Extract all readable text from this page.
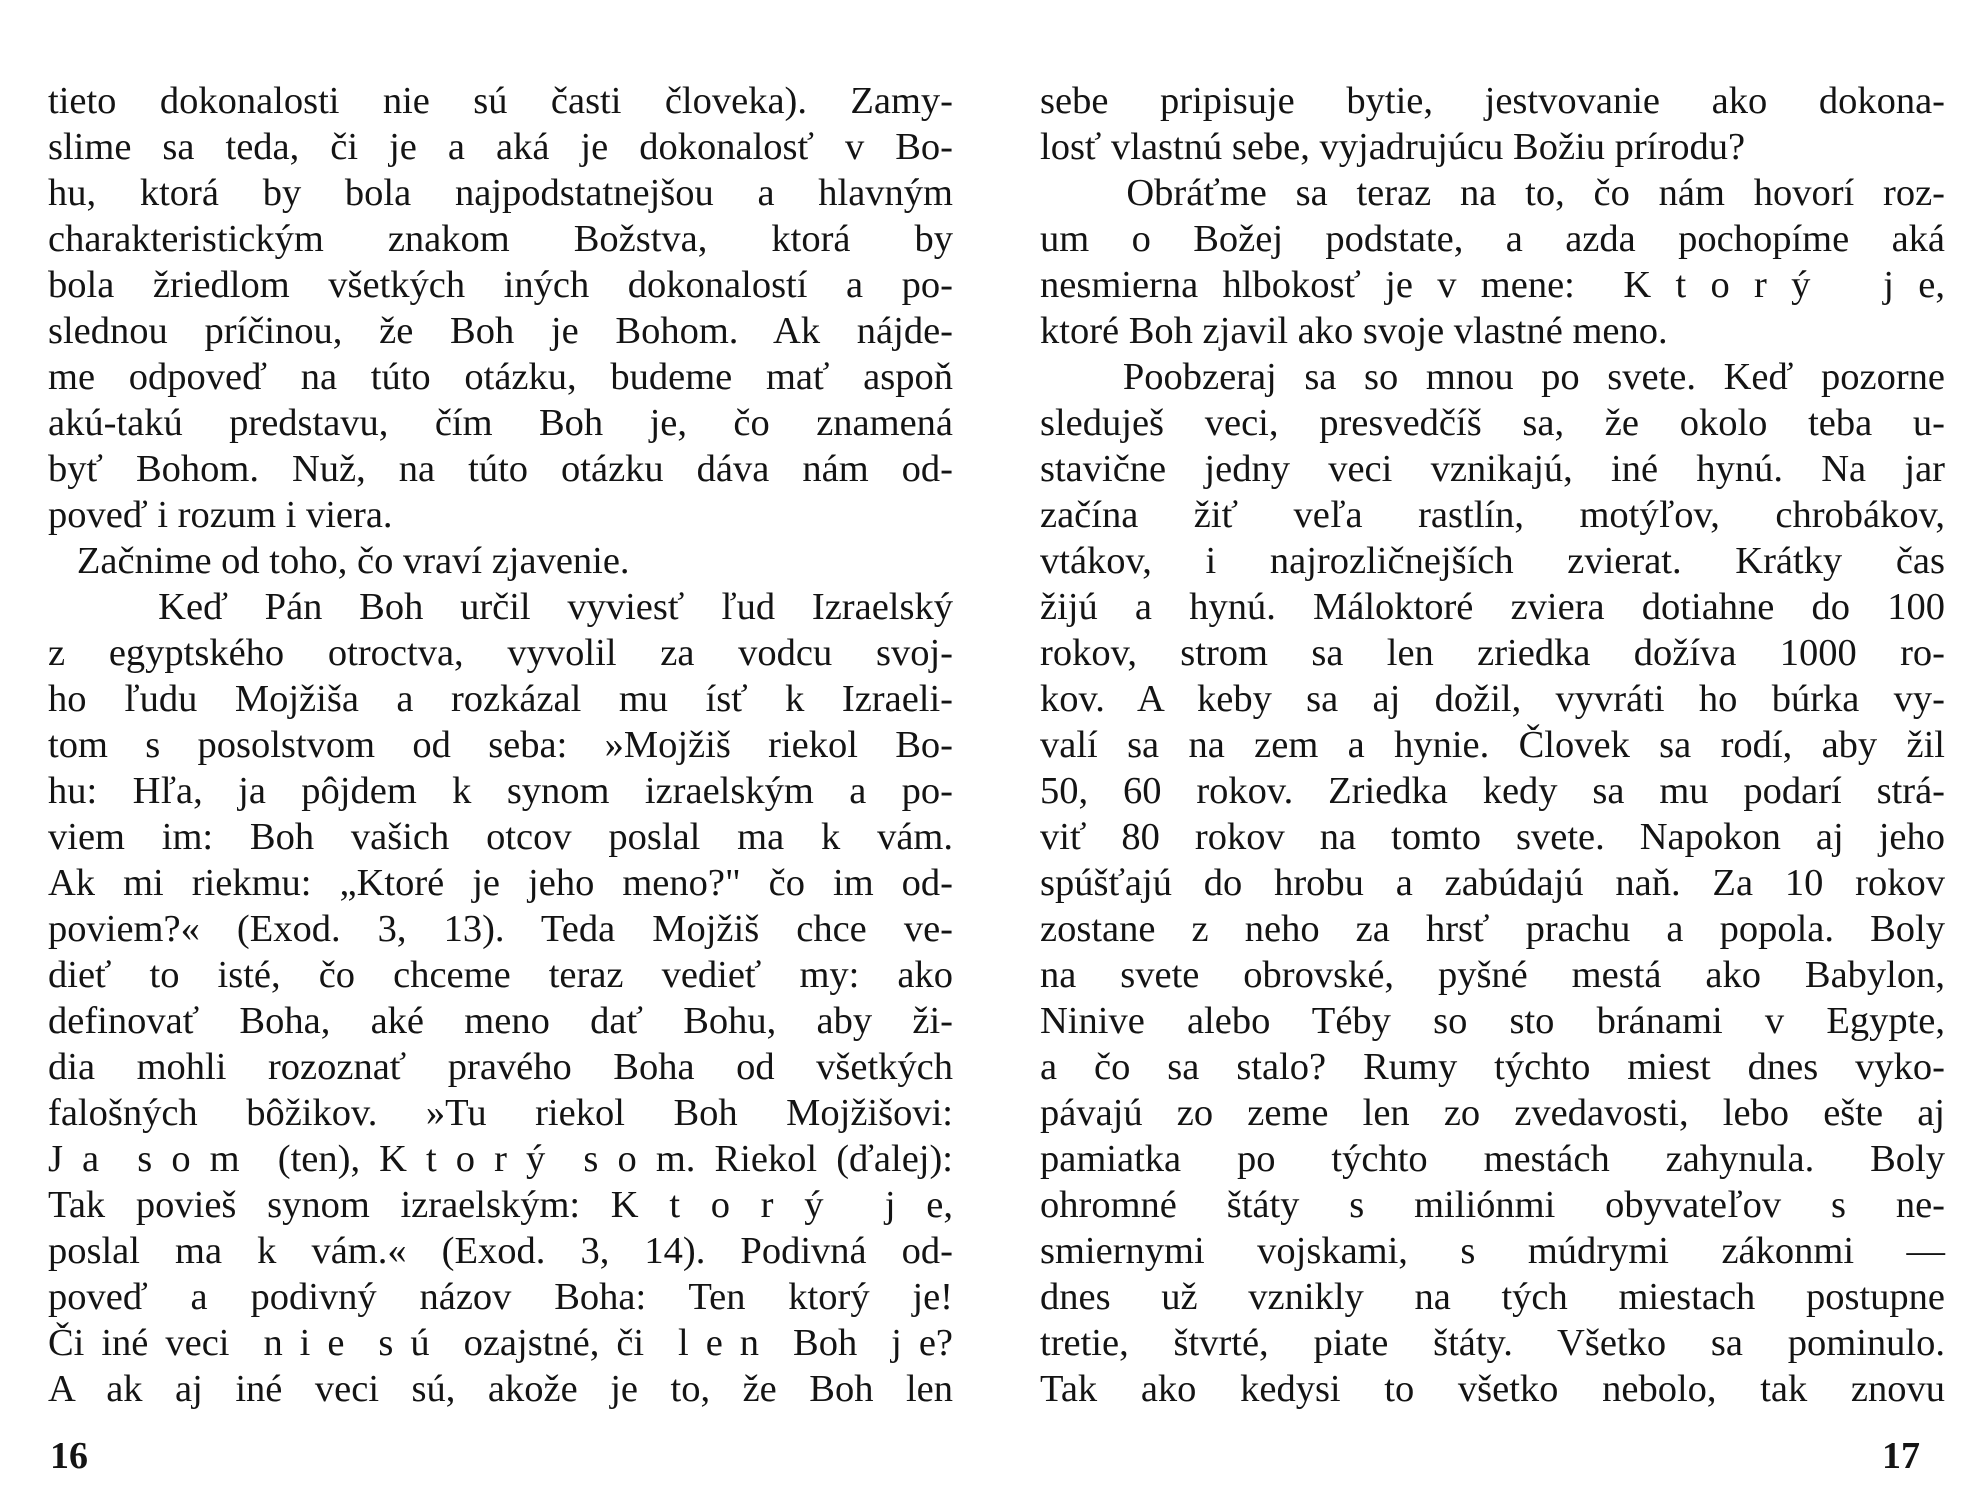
tieto dokonalosti nie sú časti človeka). Zamy-
slime sa teda, či je a aká je dokonalosť v Bo-
hu, ktorá by bola najpodstatnejšou a hlavným
charakteristickým znakom Božstva, ktorá by
bola žriedlom všetkých iných dokonalostí a po-
slednou príčinou, že Boh je Bohom. Ak nájde-
me odpoveď na túto otázku, budeme mať aspoň
akú-takú predstavu, čím Boh je, čo znamená
byť Bohom. Nuž, na túto otázku dáva nám od-
poveď i rozum i viera.
Začnime od toho, čo vraví zjavenie.
Keď Pán Boh určil vyviesť ľud Izraelský
z egyptského otroctva, vyvolil za vodcu svoj-
ho ľudu Mojžiša a rozkázal mu ísť k Izraeli-
tom s posolstvom od seba: »Mojžiš riekol Bo-
hu: Hľa, ja pôjdem k synom izraelským a po-
viem im: Boh vašich otcov poslal ma k vám.
Ak mi riekmu: „Ktoré je jeho meno?" čo im od-
poviem?« (Exod. 3, 13). Teda Mojžiš chce ve-
dieť to isté, čo chceme teraz vedieť my: ako
definovať Boha, aké meno dať Bohu, aby ži-
dia mohli rozoznať pravého Boha od všetkých
falošných bôžikov. »Tu riekol Boh Mojžišovi:
J a  s o m  (ten), K t o r ý  s o m. Riekol (ďalej):
Tak povieš synom izraelským: K t o r ý  j e,
poslal ma k vám.« (Exod. 3, 14). Podivná od-
poveď a podivný názov Boha: Ten ktorý je!
Či iné veci  n i e  s ú  ozajstné, či  l e n  Boh  j e?
A ak aj iné veci sú, akože je to, že Boh len
sebe pripisuje bytie, jestvovanie ako dokona-
losť vlastnú sebe, vyjadrujúcu Božiu prírodu?
Obráťme sa teraz na to, čo nám hovorí roz-
um o Božej podstate, a azda pochopíme aká
nesmierna hlbokosť je v mene:  K t o r ý   j e,
ktoré Boh zjavil ako svoje vlastné meno.
Poobzeraj sa so mnou po svete. Keď pozorne
sleduješ veci, presvedčíš sa, že okolo teba u-
stavične jedny veci vznikajú, iné hynú. Na jar
začína žiť veľa rastlín, motýľov, chrobákov,
vtákov, i najrozličnejších zvierat. Krátky čas
žijú a hynú. Máloktoré zviera dotiahne do 100
rokov, strom sa len zriedka dožíva 1000 ro-
kov. A keby sa aj dožil, vyvráti ho búrka vy-
valí sa na zem a hynie. Človek sa rodí, aby žil
50, 60 rokov. Zriedka kedy sa mu podarí strá-
viť 80 rokov na tomto svete. Napokon aj jeho
spúšťajú do hrobu a zabúdajú naň. Za 10 rokov
zostane z neho za hrsť prachu a popola. Boly
na svete obrovské, pyšné mestá ako Babylon,
Ninive alebo Téby so sto bránami v Egypte,
a čo sa stalo? Rumy týchto miest dnes vyko-
pávajú zo zeme len zo zvedavosti, lebo ešte aj
pamiatka po týchto mestách zahynula. Boly
ohromné štáty s miliónmi obyvateľov s ne-
smiernymi vojskami, s múdrymi zákonmi —
dnes už vznikly na tých miestach postupne
tretie, štvrté, piate štáty. Všetko sa pominulo.
Tak ako kedysi to všetko nebolo, tak znovu
16	17
